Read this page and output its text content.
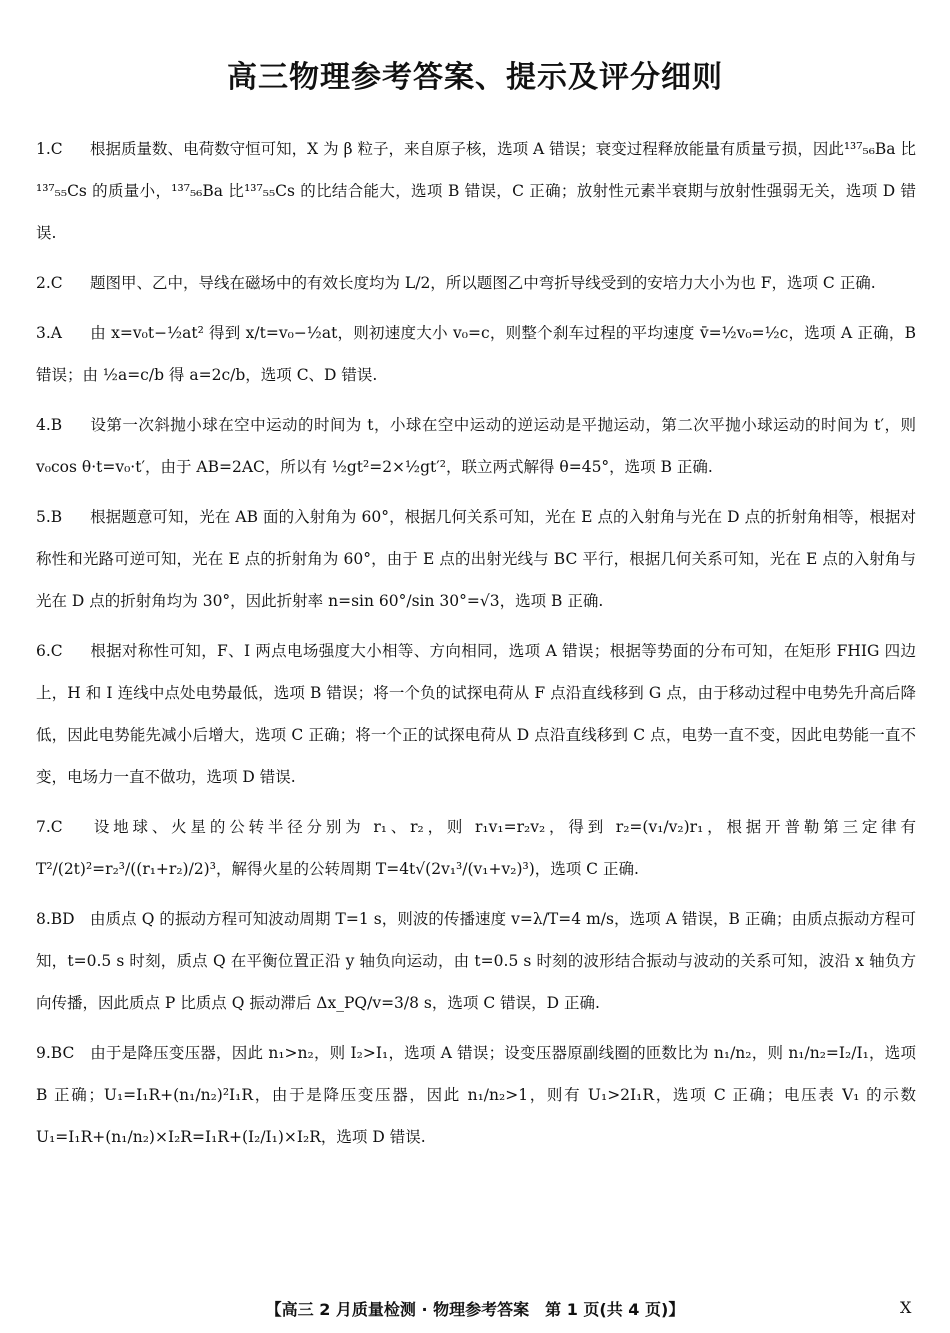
高三物理参考答案、提示及评分细则
1.C 根据质量数、电荷数守恒可知，X 为 β 粒子，来自原子核，选项 A 错误；衰变过程释放能量有质量亏损，因此¹³⁷₅₆Ba 比¹³⁷₅₅Cs 的质量小，¹³⁷₅₆Ba 比¹³⁷₅₅Cs 的比结合能大，选项 B 错误，C 正确；放射性元素半衰期与放射性强弱无关，选项 D 错误.
2.C 题图甲、乙中，导线在磁场中的有效长度均为 L/2，所以题图乙中弯折导线受到的安培力大小为也 F，选项 C 正确.
3.A 由 x=v₀t−½at² 得到 x/t=v₀−½at，则初速度大小 v₀=c，则整个刹车过程的平均速度 v̄=½v₀=½c，选项 A 正确，B 错误；由 ½a=c/b 得 a=2c/b，选项 C、D 错误.
4.B 设第一次斜抛小球在空中运动的时间为 t，小球在空中运动的逆运动是平抛运动，第二次平抛小球运动的时间为 t′，则 v₀cos θ·t=v₀·t′，由于 AB=2AC，所以有 ½gt²=2×½gt′²，联立两式解得 θ=45°，选项 B 正确.
5.B 根据题意可知，光在 AB 面的入射角为 60°，根据几何关系可知，光在 E 点的入射角与光在 D 点的折射角相等，根据对称性和光路可逆可知，光在 E 点的折射角为 60°，由于 E 点的出射光线与 BC 平行，根据几何关系可知，光在 E 点的入射角与光在 D 点的折射角均为 30°，因此折射率 n=sin 60°/sin 30°=√3，选项 B 正确.
6.C 根据对称性可知，F、I 两点电场强度大小相等、方向相同，选项 A 错误；根据等势面的分布可知，在矩形 FHIG 四边上，H 和 I 连线中点处电势最低，选项 B 错误；将一个负的试探电荷从 F 点沿直线移到 G 点，由于移动过程中电势先升高后降低，因此电势能先减小后增大，选项 C 正确；将一个正的试探电荷从 D 点沿直线移到 C 点，电势一直不变，因此电势能一直不变，电场力一直不做功，选项 D 错误.
7.C 设地球、火星的公转半径分别为 r₁、r₂，则 r₁v₁=r₂v₂，得到 r₂=(v₁/v₂)r₁，根据开普勒第三定律有 T²/(2t)²=r₂³/((r₁+r₂)/2)³，解得火星的公转周期 T=4t√(2v₁³/(v₁+v₂)³)，选项 C 正确.
8.BD 由质点 Q 的振动方程可知波动周期 T=1 s，则波的传播速度 v=λ/T=4 m/s，选项 A 错误，B 正确；由质点振动方程可知，t=0.5 s 时刻，质点 Q 在平衡位置正沿 y 轴负向运动，由 t=0.5 s 时刻的波形结合振动与波动的关系可知，波沿 x 轴负方向传播，因此质点 P 比质点 Q 振动滞后 Δx_PQ/v=3/8 s，选项 C 错误，D 正确.
9.BC 由于是降压变压器，因此 n₁>n₂，则 I₂>I₁，选项 A 错误；设变压器原副线圈的匝数比为 n₁/n₂，则 n₁/n₂=I₂/I₁，选项 B 正确；U₁=I₁R+(n₁/n₂)²I₁R，由于是降压变压器，因此 n₁/n₂>1，则有 U₁>2I₁R，选项 C 正确；电压表 V₁ 的示数 U₁=I₁R+(n₁/n₂)×I₂R=I₁R+(I₂/I₁)×I₂R，选项 D 错误.
【高三 2 月质量检测 · 物理参考答案　第 1 页(共 4 页)】	X
